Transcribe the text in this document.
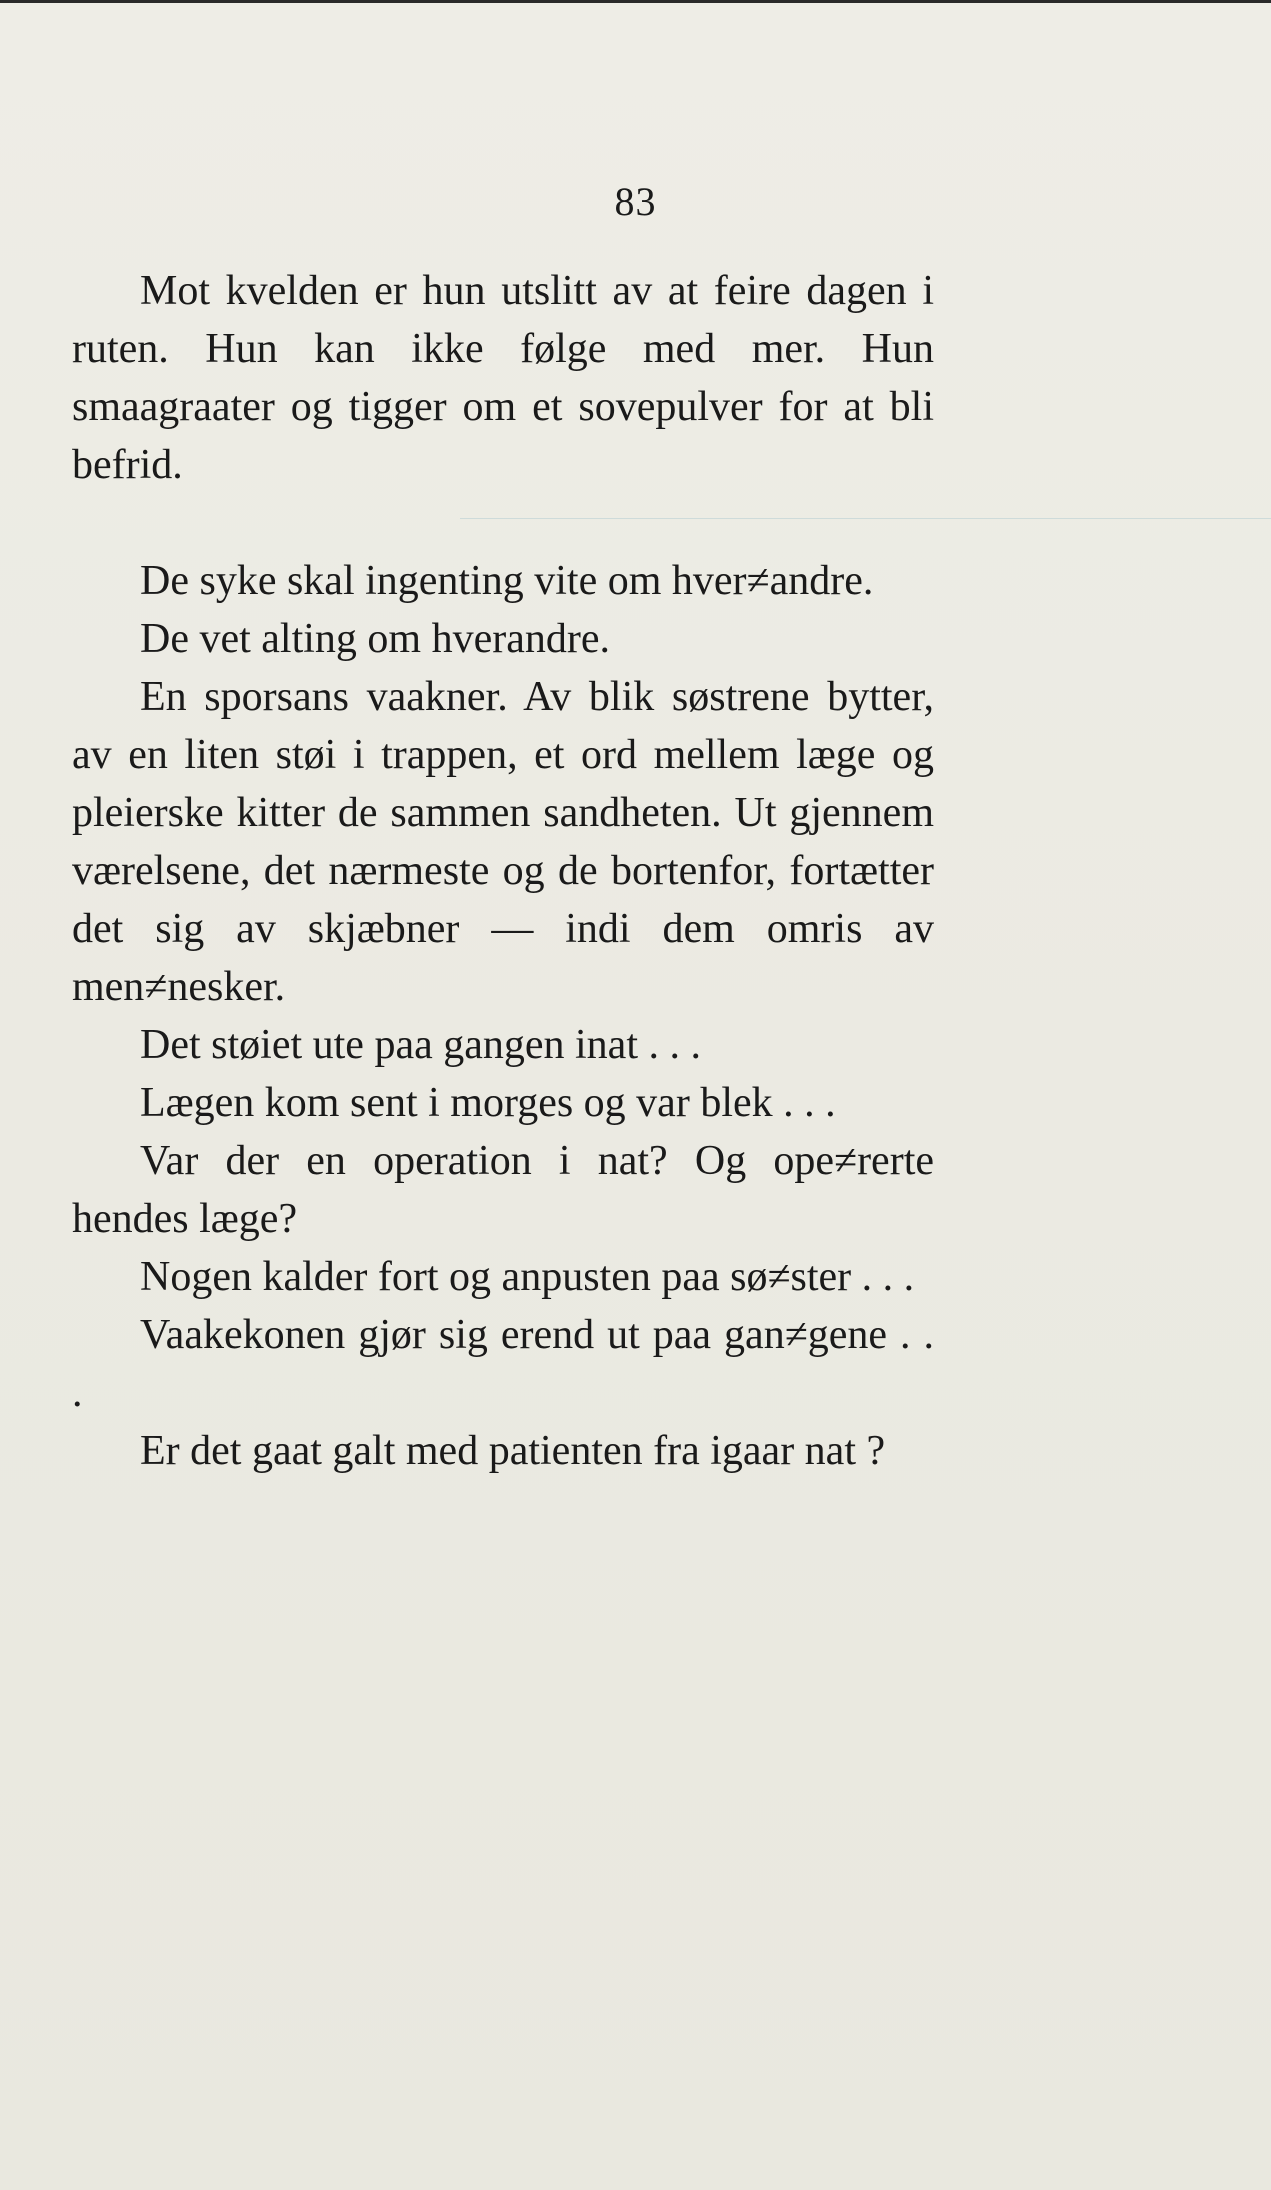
83

Mot kvelden er hun utslitt av at feire dagen i ruten. Hun kan ikke følge med mer. Hun smaagraater og tigger om et sovepulver for at bli befrid.

De syke skal ingenting vite om hver≠andre.

De vet alting om hverandre.

En sporsans vaakner. Av blik søstrene bytter, av en liten støi i trappen, et ord mellem læge og pleierske kitter de sammen sandheten. Ut gjennem værelsene, det nærmeste og de bortenfor, fortætter det sig av skjæbner — indi dem omris av men≠nesker.

Det støiet ute paa gangen inat . . .

Lægen kom sent i morges og var blek . . .

Var der en operation i nat? Og ope≠rerte hendes læge?

Nogen kalder fort og anpusten paa sø≠ster . . .

Vaakekonen gjør sig erend ut paa gan≠gene . . .

Er det gaat galt med patienten fra igaar nat ?
